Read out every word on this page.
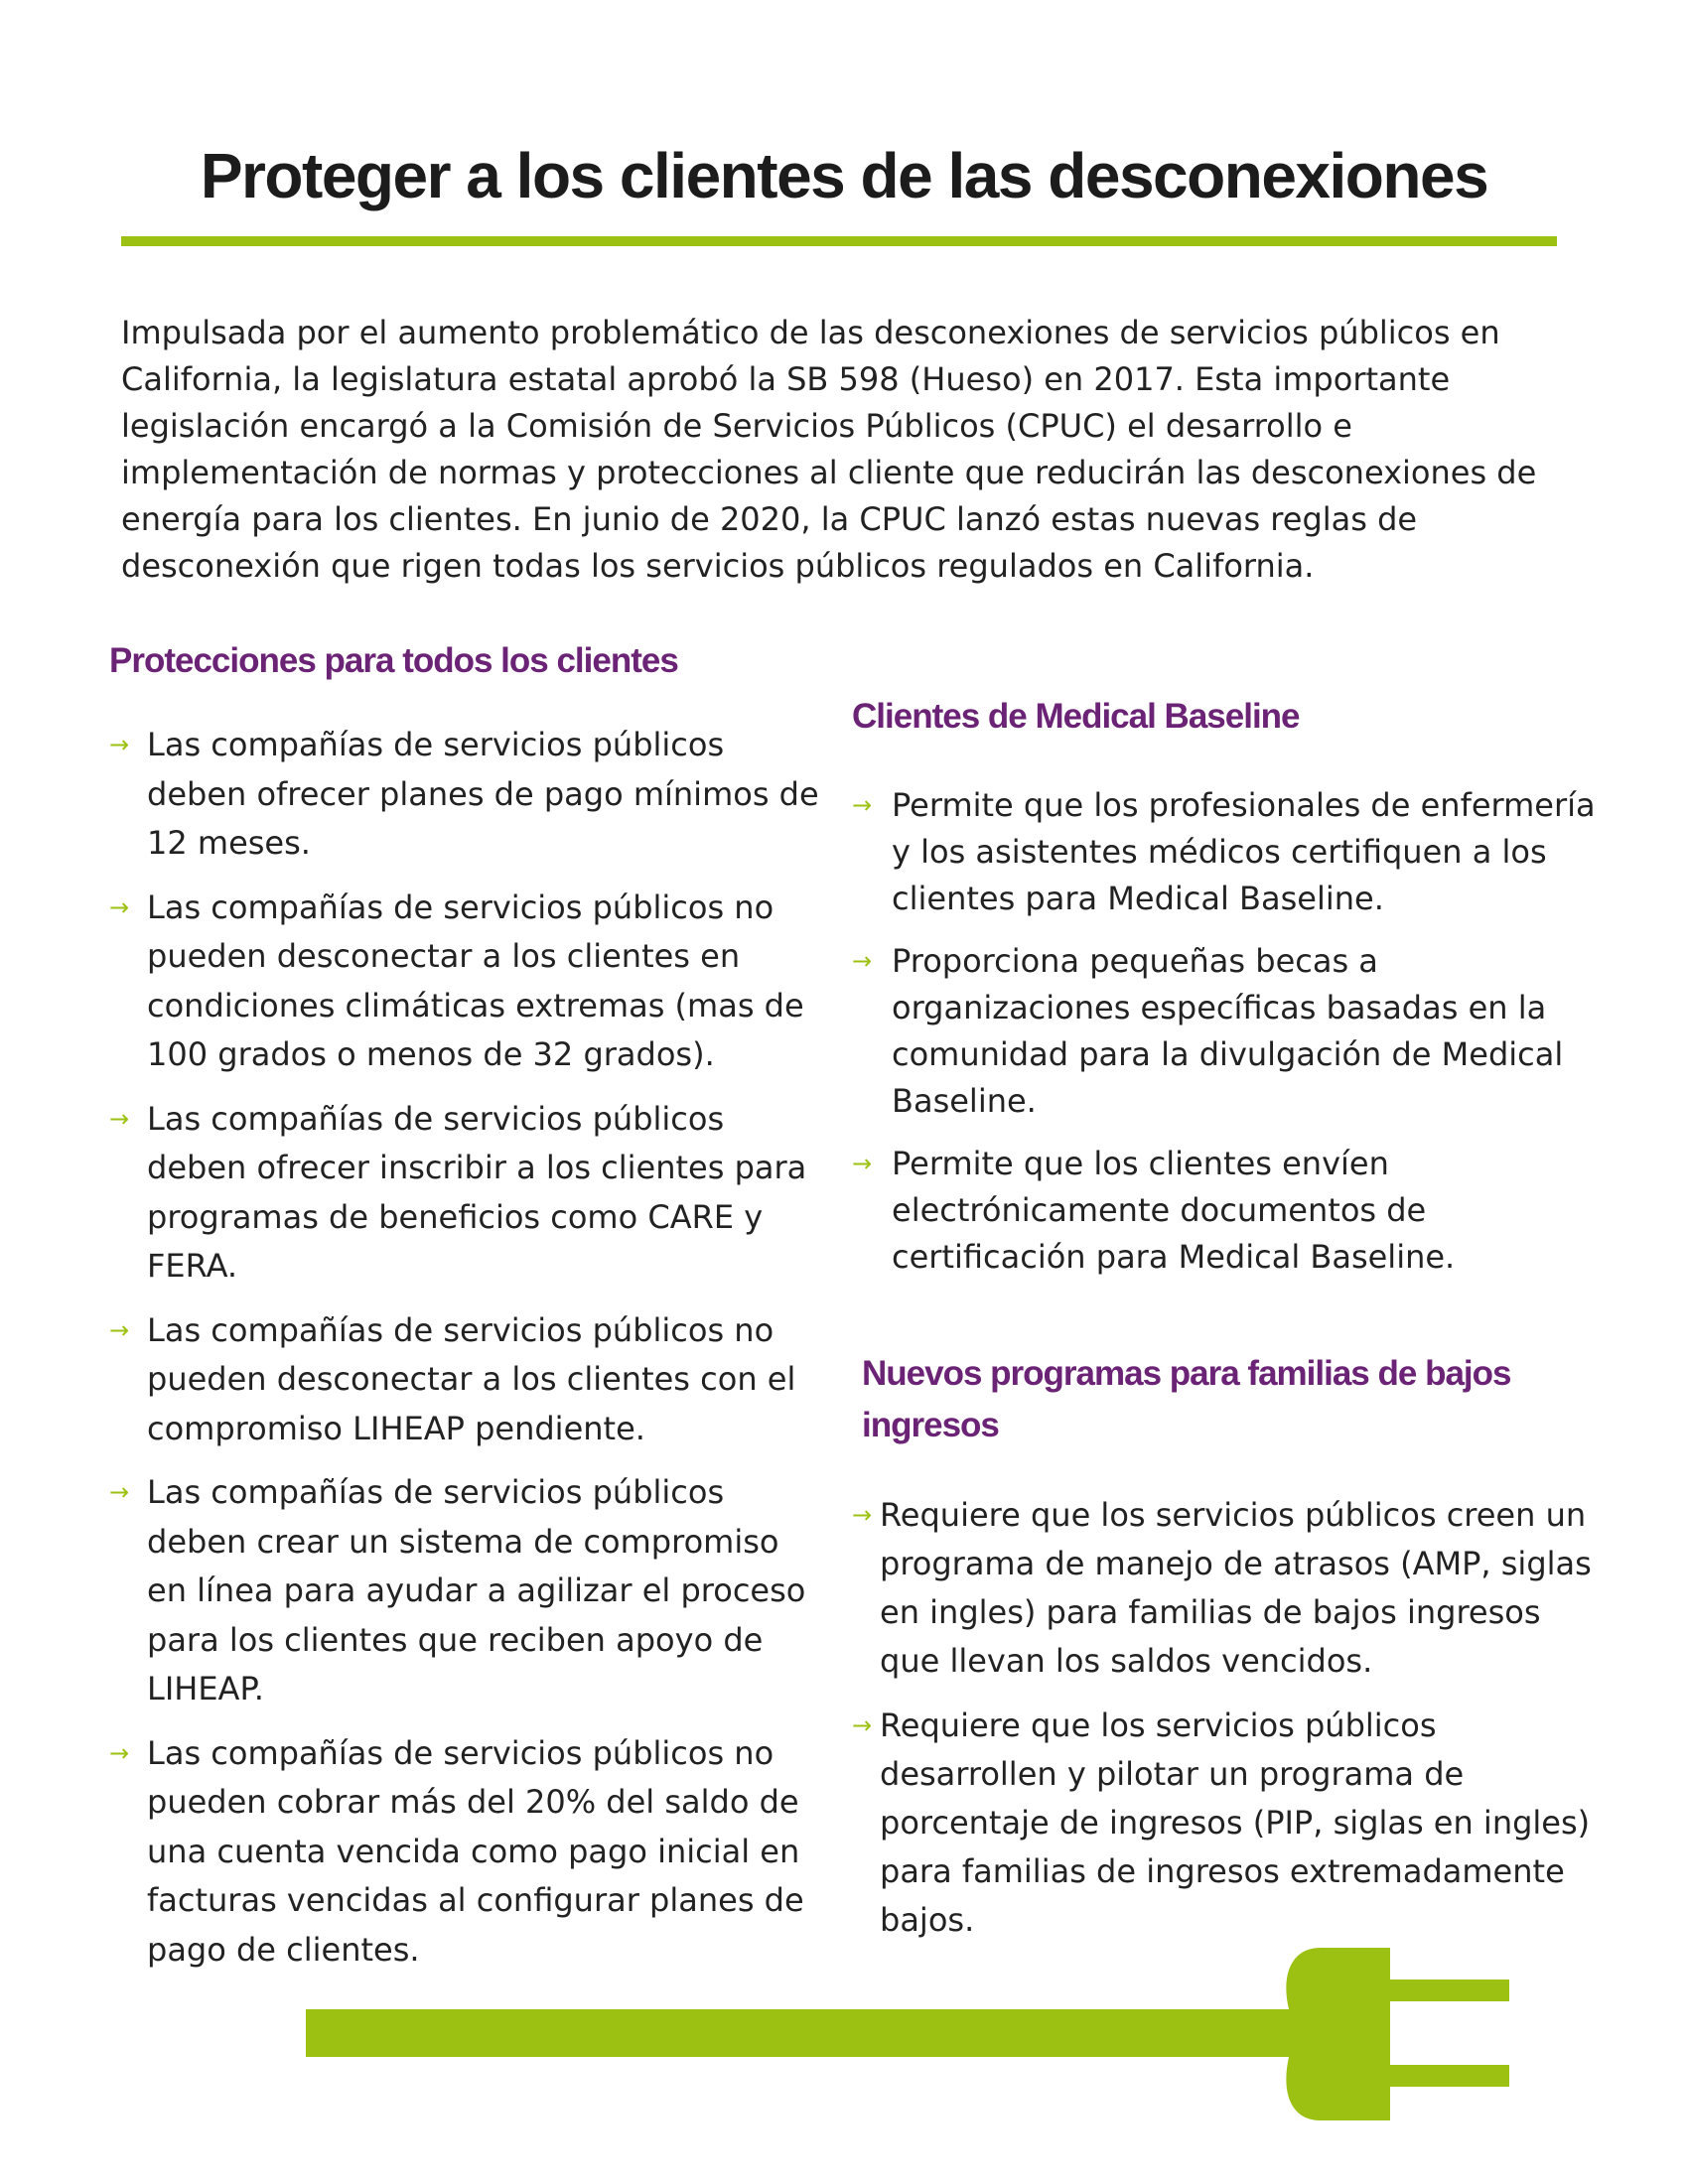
Proteger a los clientes de las desconexiones

Impulsada por el aumento problemático de las desconexiones de servicios públicos en California, la legislatura estatal aprobó la SB 598 (Hueso) en 2017. Esta importante legislación encargó a la Comisión de Servicios Públicos (CPUC) el desarrollo e implementación de normas y protecciones al cliente que reducirán las desconexiones de energía para los clientes. En junio de 2020, la CPUC lanzó estas nuevas reglas de desconexión que rigen todas los servicios públicos regulados en California.

Protecciones para todos los clientes
→ Las compañías de servicios públicos deben ofrecer planes de pago mínimos de 12 meses.
→ Las compañías de servicios públicos no pueden desconectar a los clientes en condiciones climáticas extremas (mas de 100 grados o menos de 32 grados).
→ Las compañías de servicios públicos deben ofrecer inscribir a los clientes para programas de beneficios como CARE y FERA.
→ Las compañías de servicios públicos no pueden desconectar a los clientes con el compromiso LIHEAP pendiente.
→ Las compañías de servicios públicos deben crear un sistema de compromiso en línea para ayudar a agilizar el proceso para los clientes que reciben apoyo de LIHEAP.
→ Las compañías de servicios públicos no pueden cobrar más del 20% del saldo de una cuenta vencida como pago inicial en facturas vencidas al configurar planes de pago de clientes.
Clientes de Medical Baseline
→ Permite que los profesionales de enfermería y los asistentes médicos certifiquen a los clientes para Medical Baseline.
→ Proporciona pequeñas becas a organizaciones específicas basadas en la comunidad para la divulgación de Medical Baseline.
→ Permite que los clientes envíen electrónicamente documentos de certificación para Medical Baseline.
Nuevos programas para familias de bajos ingresos
→ Requiere que los servicios públicos creen un programa de manejo de atrasos (AMP, siglas en ingles) para familias de bajos ingresos que llevan los saldos vencidos.
→ Requiere que los servicios públicos desarrollen y pilotar un programa de porcentaje de ingresos (PIP, siglas en ingles) para familias de ingresos extremadamente bajos.
